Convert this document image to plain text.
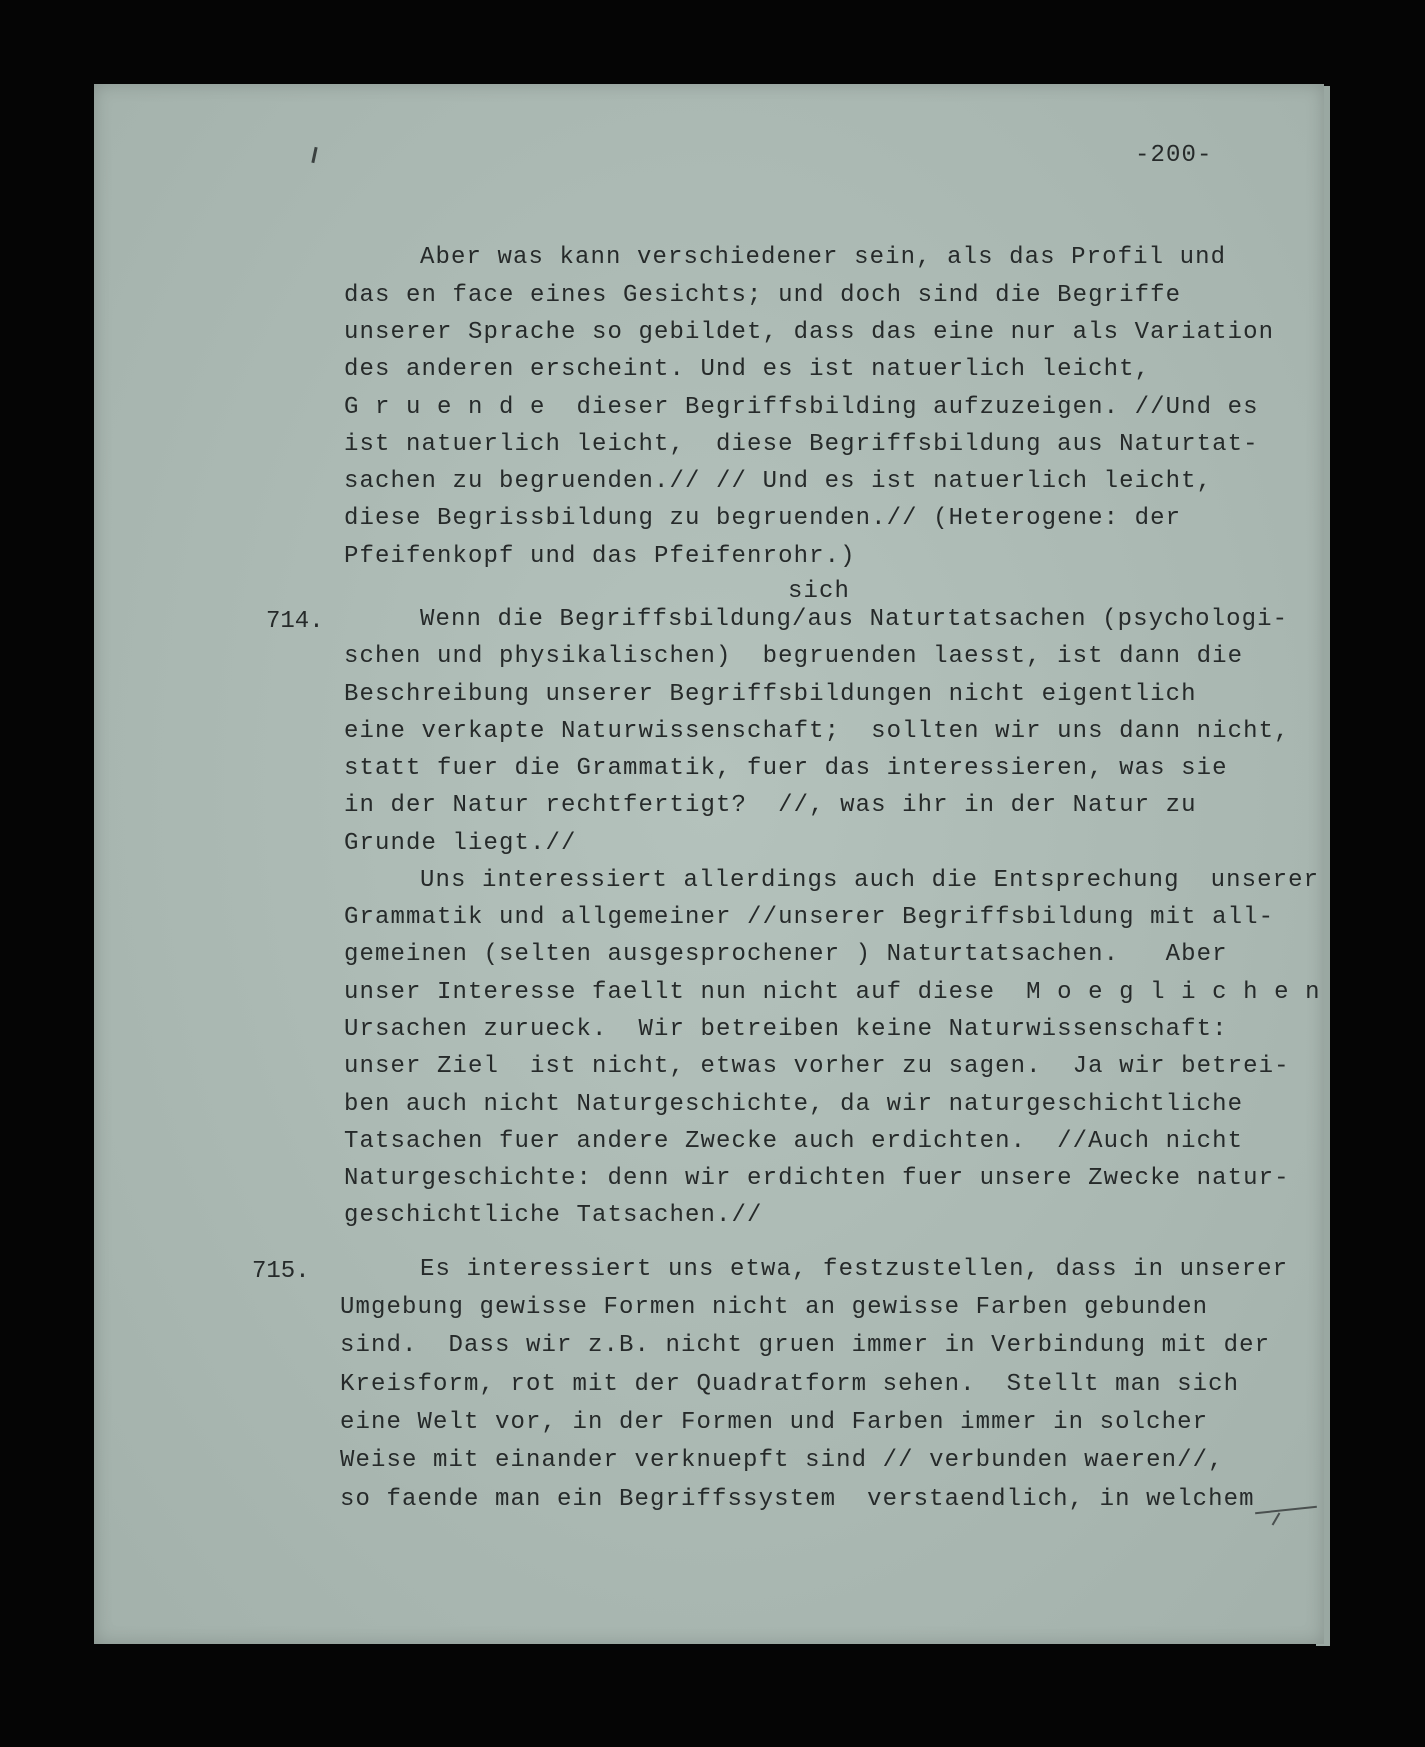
-200-
Aber was kann verschiedener sein, als das Profil und
das en face eines Gesichts; und doch sind die Begriffe
unserer Sprache so gebildet, dass das eine nur als Variation
des anderen erscheint. Und es ist natuerlich leicht,
G r u e n d e  dieser Begriffsbilding aufzuzeigen. //Und es
ist natuerlich leicht,  diese Begriffsbildung aus Naturtat-
sachen zu begruenden.// // Und es ist natuerlich leicht,
diese Begrissbildung zu begruenden.// (Heterogene: der
Pfeifenkopf und das Pfeifenrohr.)
714.
sich
Wenn die Begriffsbildung/aus Naturtatsachen (psychologi-
schen und physikalischen)  begruenden laesst, ist dann die
Beschreibung unserer Begriffsbildungen nicht eigentlich
eine verkapte Naturwissenschaft;  sollten wir uns dann nicht,
statt fuer die Grammatik, fuer das interessieren, was sie
in der Natur rechtfertigt?  //, was ihr in der Natur zu
Grunde liegt.//
Uns interessiert allerdings auch die Entsprechung  unserer
Grammatik und allgemeiner //unserer Begriffsbildung mit all-
gemeinen (selten ausgesprochener ) Naturtatsachen.   Aber
unser Interesse faellt nun nicht auf diese  M o e g l i c h e n
Ursachen zurueck.  Wir betreiben keine Naturwissenschaft:
unser Ziel  ist nicht, etwas vorher zu sagen.  Ja wir betrei-
ben auch nicht Naturgeschichte, da wir naturgeschichtliche
Tatsachen fuer andere Zwecke auch erdichten.  //Auch nicht
Naturgeschichte: denn wir erdichten fuer unsere Zwecke natur-
geschichtliche Tatsachen.//
715.	Es interessiert uns etwa, festzustellen, dass in unserer
Umgebung gewisse Formen nicht an gewisse Farben gebunden
sind.  Dass wir z.B. nicht gruen immer in Verbindung mit der
Kreisform, rot mit der Quadratform sehen.  Stellt man sich
eine Welt vor, in der Formen und Farben immer in solcher
Weise mit einander verknuepft sind // verbunden waeren//,
so faende man ein Begriffssystem  verstaendlich, in welchem
